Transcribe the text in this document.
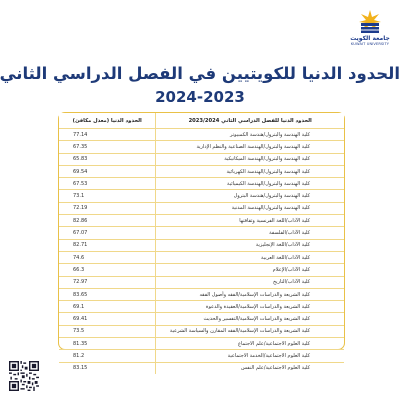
جامعة الكويت
KUWAIT UNIVERSITY
الحدود الدنيا للكويتيين في الفصل الدراسي الثاني
2024-2023
الحدود الدنيا للفصل الدراسي الثاني 2023/2024	الحدود الدنيا (معدل مكافئ)
كلية الهندسة والبترول/هندسة الكمبيوتر	77.14
كلية الهندسة والبترول/الهندسة الصناعية والنظم الإدارية	67.35
كلية الهندسة والبترول/الهندسة الميكانيكية	65.83
كلية الهندسة والبترول/الهندسة الكهربائية	69.54
كلية الهندسة والبترول/الهندسة الكيميائية	67.53
كلية الهندسة والبترول/هندسة البترول	73.1
كلية الهندسة والبترول/الهندسة المدنية	72.19
كلية الآداب/اللغة الفرنسية وثقافتها	82.86
كلية الآداب/الفلسفة	67.07
كلية الآداب/اللغة الإنجليزية	82.71
كلية الآداب/اللغة العربية	74.6
كلية الآداب/الإعلام	66.3
كلية الآداب/التاريخ	72.97
كلية الشريعة والدراسات الإسلامية/الفقه وأصول الفقه	83.65
كلية الشريعة والدراسات الإسلامية/العقيدة والدعوة	69.1
كلية الشريعة والدراسات الإسلامية/التفسير والحديث	69.41
كلية الشريعة والدراسات الإسلامية/الفقه المقارن والسياسة الشرعية	73.5
كلية العلوم الاجتماعية/علم الاجتماع	81.35
كلية العلوم الاجتماعية/الخدمة الاجتماعية	81.2
كلية العلوم الاجتماعية/علم النفس	83.15
